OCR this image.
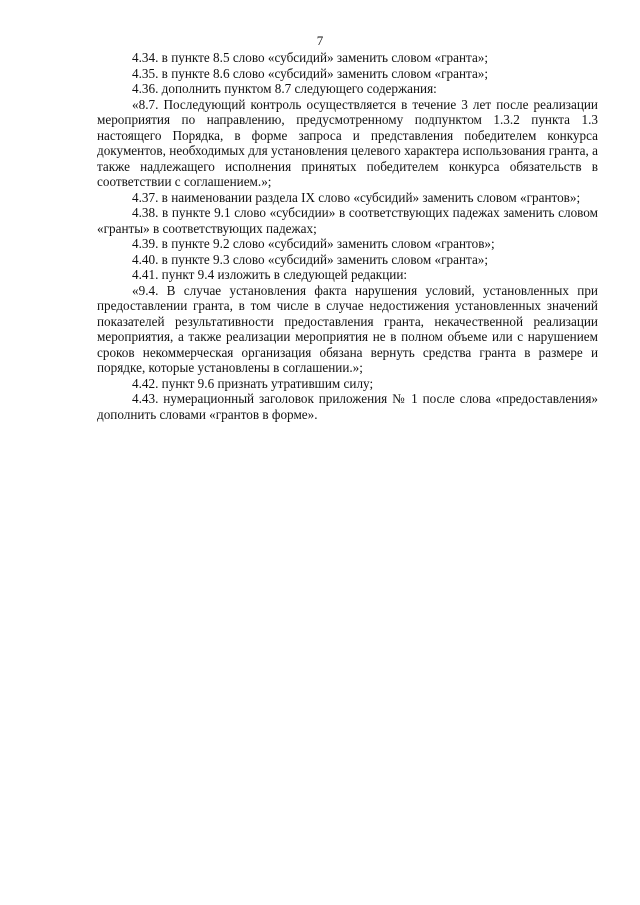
7

4.34. в пункте 8.5 слово «субсидий» заменить словом «гранта»;

4.35. в пункте 8.6 слово «субсидий» заменить словом «гранта»;

4.36. дополнить пунктом 8.7 следующего содержания:

«8.7. Последующий контроль осуществляется в течение 3 лет после реализации мероприятия по направлению, предусмотренному подпунктом 1.3.2 пункта 1.3 настоящего Порядка, в форме запроса и представления победителем конкурса документов, необходимых для установления целевого характера использования гранта, а также надлежащего исполнения принятых победителем конкурса обязательств в соответствии с соглашением.»;

4.37. в наименовании раздела IX слово «субсидий» заменить словом «грантов»;

4.38. в пункте 9.1 слово «субсидии» в соответствующих падежах заменить словом «гранты» в соответствующих падежах;

4.39. в пункте 9.2 слово «субсидий» заменить словом «грантов»;

4.40. в пункте 9.3 слово «субсидий» заменить словом «гранта»;

4.41. пункт 9.4 изложить в следующей редакции:

«9.4. В случае установления факта нарушения условий, установленных при предоставлении гранта, в том числе в случае недостижения установленных значений показателей результативности предоставления гранта, некачественной реализации мероприятия, а также реализации мероприятия не в полном объеме или с нарушением сроков некоммерческая организация обязана вернуть средства гранта в размере и порядке, которые установлены в соглашении.»;

4.42. пункт 9.6 признать утратившим силу;

4.43. нумерационный заголовок приложения № 1 после слова «предоставления» дополнить словами «грантов в форме».
